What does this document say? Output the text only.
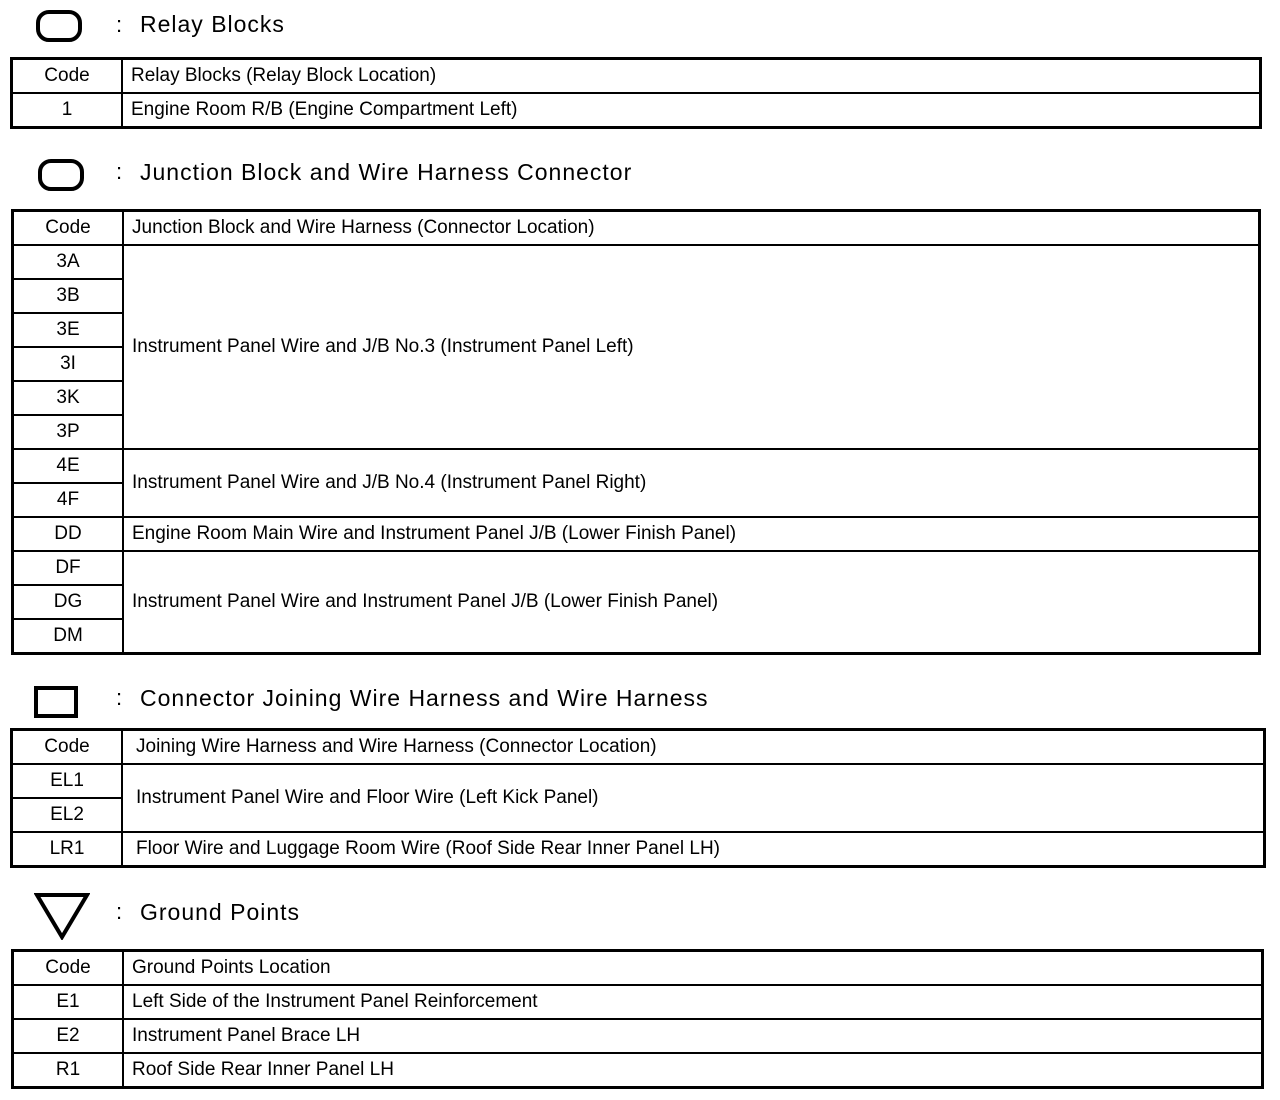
: Relay Blocks
Code	Relay Blocks (Relay Block Location)
1	Engine Room R/B (Engine Compartment Left)
: Junction Block and Wire Harness Connector
Code	Junction Block and Wire Harness (Connector Location)
3A	Instrument Panel Wire and J/B No.3 (Instrument Panel Left)
3B	
3E	
3I	
3K	
3P	
4E	Instrument Panel Wire and J/B No.4 (Instrument Panel Right)
4F	
DD	Engine Room Main Wire and Instrument Panel J/B (Lower Finish Panel)
DF	Instrument Panel Wire and Instrument Panel J/B (Lower Finish Panel)
DG	
DM	
: Connector Joining Wire Harness and Wire Harness
Code	Joining Wire Harness and Wire Harness (Connector Location)
EL1	Instrument Panel Wire and Floor Wire (Left Kick Panel)
EL2	
LR1	Floor Wire and Luggage Room Wire (Roof Side Rear Inner Panel LH)
: Ground Points
Code	Ground Points Location
E1	Left Side of the Instrument Panel Reinforcement
E2	Instrument Panel Brace LH
R1	Roof Side Rear Inner Panel LH
